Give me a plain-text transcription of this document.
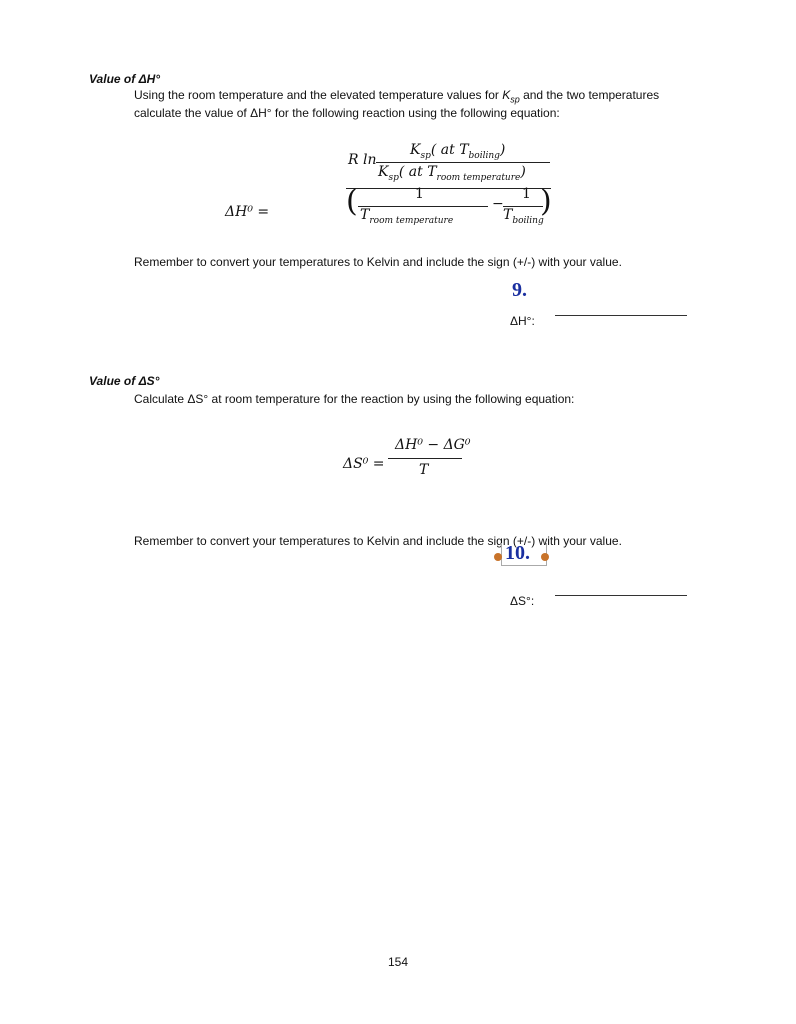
Value of ΔH°
Using the room temperature and the elevated temperature values for $K_{sp}$ and the two temperatures
calculate the value of ΔH° for the following reaction using the following equation:
ΔH⁰ =
R ln
$K_{sp}$( at $T_{boiling}$)
$K_{sp}$( at $T_{room temperature}$)
(	1
$T_{room temperature}$
−
1
$T_{boiling}$
)
Remember to convert your temperatures to Kelvin and include the sign (+/-) with your value.
9.
ΔH°:
Value of ΔS°
Calculate ΔS° at room temperature for the reaction by using the following equation:
ΔS⁰ =
ΔH⁰ − ΔG⁰
T
Remember to convert your temperatures to Kelvin and include the sign (+/-) with your value.
10.
ΔS°:
154
